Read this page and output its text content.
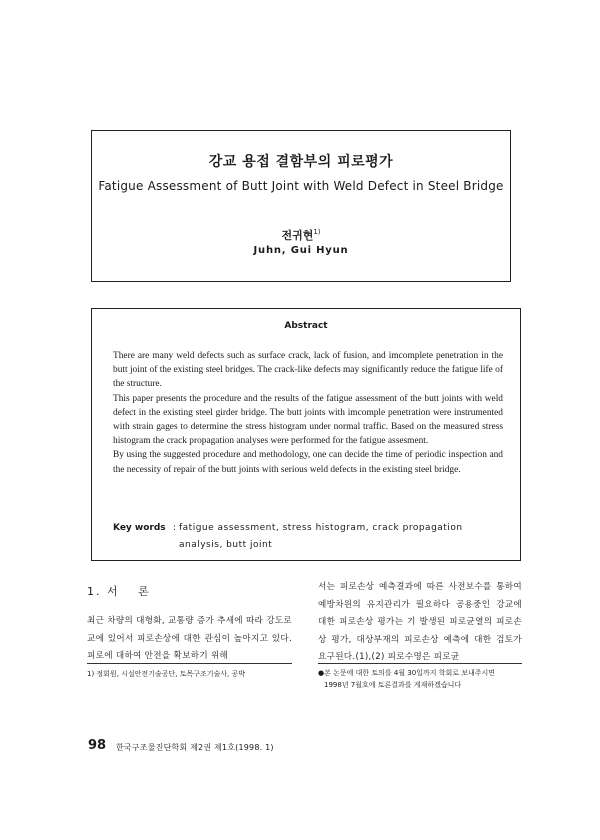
강교 용접 결함부의 피로평가
Fatigue Assessment of Butt Joint with Weld Defect in Steel Bridge
전귀현$^{1)}$
Juhn, Gui Hyun
Abstract

There are many weld defects such as surface crack, lack of fusion, and imcomplete penetration in the butt joint of the existing steel bridges. The crack-like defects may significantly reduce the fatigue life of the structure.

This paper presents the procedure and the results of the fatigue assessment of the butt joints with weld defect in the existing steel girder bridge. The butt joints with imcomple penetration were instrumented with strain gages to determine the stress histogram under normal traffic. Based on the measured stress histogram the crack propagation analyses were performed for the fatigue assesment.

By using the suggested procedure and methodology, one can decide the time of periodic inspection and the necessity of repair of the butt joints with serious weld defects in the existing steel bridge.

Key words : fatigue assessment, stress histogram, crack propagation analysis, butt joint
1. 서　 론

최근 차량의 대형화, 교통량 증가 추세에 따라 강도로교에 있어서 피로손상에 대한 관심이 높아지고 있다. 피로에 대하여 안전을 확보하기 위해

서는 피로손상 예측결과에 따른 사전보수를 통하여 예방차원의 유지관리가 필요하다 공용중인 강교에 대한 피로손상 평가는 기 발생된 피로균열의 피로손상 평가, 대상부재의 피로손상 예측에 대한 검토가 요구된다.(1),(2) 피로수명은 피로균

1) 정회원, 시설안전기술공단, 토목구조기술사, 공박	●본 논문에 대한 토의를 4월 30일까지 학회로 보내주시면
1998년 7월호에 토론결과를 게재하겠습니다
98 한국구조물진단학회 제2권 제1호(1998. 1)
